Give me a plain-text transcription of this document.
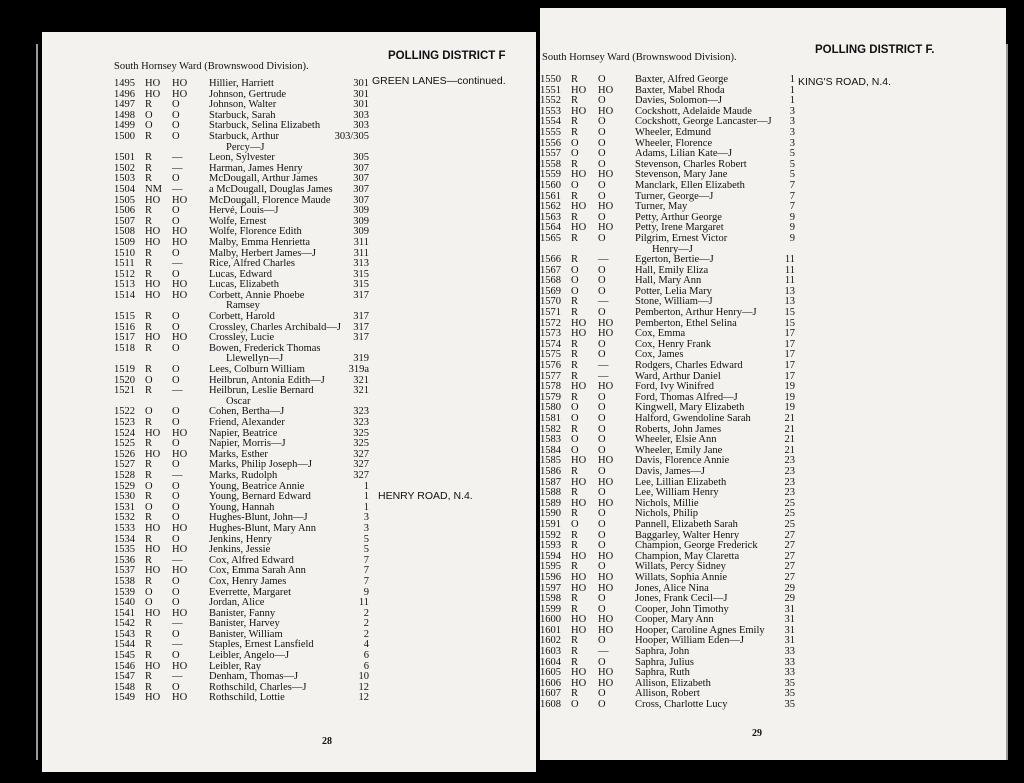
South Hornsey Ward (Brownswood Division).
POLLING DISTRICT F
GREEN LANES—continued.
HENRY ROAD, N.4.
1495 HO HO Hillier, Harriett	301
1496 HO HO Johnson, Gertrude	301
1497 R O	Johnson, Walter	301
1498 O O	Starbuck, Sarah	303
1499 O O	Starbuck, Selina Elizabeth	303
1500 R O	Starbuck, Arthur	303/305
Percy—J
1501 R —	Leon, Sylvester	305
1502 R —	Harman, James Henry	307
1503 R O	McDougall, Arthur James	307
1504 NM —	a McDougall, Douglas James	307
1505 HO HO McDougall, Florence Maude	307
1506 R O	Hervé, Louis—J	309
1507 R O	Wolfe, Ernest	309
1508 HO HO Wolfe, Florence Edith	309
1509 HO HO Malby, Emma Henrietta	311
1510 R O	Malby, Herbert James—J	311
1511 R —	Rice, Alfred Charles	313
1512 R O	Lucas, Edward	315
1513 HO HO Lucas, Elizabeth	315
1514 HO HO Corbett, Annie Phoebe	317
Ramsey
1515 R O	Corbett, Harold	317
1516 R O	Crossley, Charles Archibald—J	317
1517 HO HO Crossley, Lucie	317
1518 R O	Bowen, Frederick Thomas
Llewellyn—J	319
1519 R O	Lees, Colburn William	319a
1520 O O	Heilbrun, Antonia Edith—J	321
1521 R —	Heilbrun, Leslie Bernard	321
Oscar
1522 O O	Cohen, Bertha—J	323
1523 R O	Friend, Alexander	323
1524 HO HO Napier, Beatrice	325
1525 R O	Napier, Morris—J	325
1526 HO HO Marks, Esther	327
1527 R O	Marks, Philip Joseph—J	327
1528 R —	Marks, Rudolph	327
1529 O O	Young, Beatrice Annie	1
1530 R O	Young, Bernard Edward	1
1531 O O	Young, Hannah	1
1532 R O	Hughes-Blunt, John—J	3
1533 HO HO Hughes-Blunt, Mary Ann	3
1534 R O	Jenkins, Henry	5
1535 HO HO Jenkins, Jessie	5
1536 R —	Cox, Alfred Edward	7
1537 HO HO Cox, Emma Sarah Ann	7
1538 R O	Cox, Henry James	7
1539 O O	Everrette, Margaret	9
1540 O O	Jordan, Alice	11
1541 HO HO Banister, Fanny	2
1542 R —	Banister, Harvey	2
1543 R O	Banister, William	2
1544 R —	Staples, Ernest Lansfield	4
1545 R O	Leibler, Angelo—J	6
1546 HO HO Leibler, Ray	6
1547 R —	Denham, Thomas—J	10
1548 R O	Rothschild, Charles—J	12
1549 HO HO Rothschild, Lottie	12
28
South Hornsey Ward (Brownswood Division).
POLLING DISTRICT F.
KING'S ROAD, N.4.
1550 R O	Baxter, Alfred George	1
1551 HO HO Baxter, Mabel Rhoda	1
1552 R O	Davies, Solomon—J	1
1553 HO HO Cockshott, Adelaide Maude	3
1554 R O	Cockshott, George Lancaster—J	3
1555 R O	Wheeler, Edmund	3
1556 O O	Wheeler, Florence	3
1557 O O	Adams, Lilian Kate—J	5
1558 R O	Stevenson, Charles Robert	5
1559 HO HO Stevenson, Mary Jane	5
1560 O O	Manclark, Ellen Elizabeth	7
1561 R O	Turner, George—J	7
1562 HO HO Turner, May	7
1563 R O	Petty, Arthur George	9
1564 HO HO Petty, Irene Margaret	9
1565 R O	Pilgrim, Ernest Victor	9
Henry—J
1566 R —	Egerton, Bertie—J	11
1567 O O	Hall, Emily Eliza	11
1568 O O	Hall, Mary Ann	11
1569 O O	Potter, Lelia Mary	13
1570 R —	Stone, William—J	13
1571 R O	Pemberton, Arthur Henry—J	15
1572 HO HO Pemberton, Ethel Selina	15
1573 HO HO Cox, Emma	17
1574 R O	Cox, Henry Frank	17
1575 R O	Cox, James	17
1576 R —	Rodgers, Charles Edward	17
1577 R —	Ward, Arthur Daniel	17
1578 HO HO Ford, Ivy Winifred	19
1579 R O	Ford, Thomas Alfred—J	19
1580 O O	Kingwell, Mary Elizabeth	19
1581 O O	Halford, Gwendoline Sarah	21
1582 R O	Roberts, John James	21
1583 O O	Wheeler, Elsie Ann	21
1584 O O	Wheeler, Emily Jane	21
1585 HO HO Davis, Florence Annie	23
1586 R O	Davis, James—J	23
1587 HO HO Lee, Lillian Elizabeth	23
1588 R O	Lee, William Henry	23
1589 HO HO Nichols, Millie	25
1590 R O	Nichols, Philip	25
1591 O O	Pannell, Elizabeth Sarah	25
1592 R O	Baggarley, Walter Henry	27
1593 R O	Champion, George Frederick	27
1594 HO HO Champion, May Claretta	27
1595 R O	Willats, Percy Sidney	27
1596 HO HO Willats, Sophia Annie	27
1597 HO HO Jones, Alice Nina	29
1598 R O	Jones, Frank Cecil—J	29
1599 R O	Cooper, John Timothy	31
1600 HO HO Cooper, Mary Ann	31
1601 HO HO Hooper, Caroline Agnes Emily	31
1602 R O	Hooper, William Eden—J	31
1603 R —	Saphra, John	33
1604 R O	Saphra, Julius	33
1605 HO HO Saphra, Ruth	33
1606 HO HO Allison, Elizabeth	35
1607 R O	Allison, Robert	35
1608 O O	Cross, Charlotte Lucy	35
29
